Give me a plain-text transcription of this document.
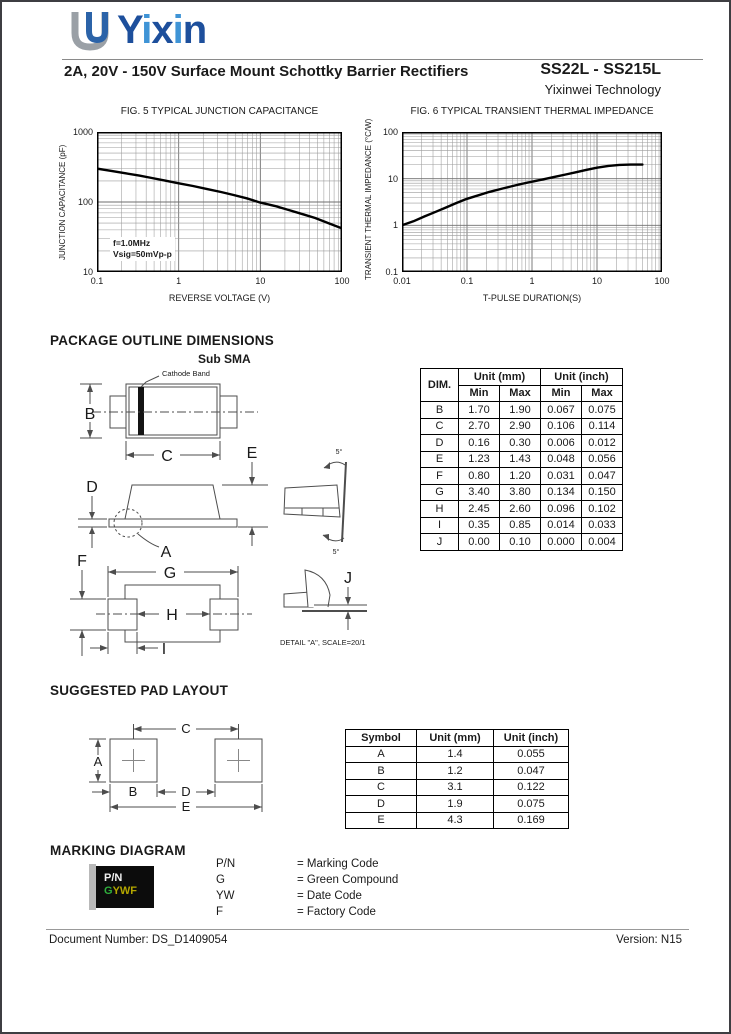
Yixin
2A, 20V - 150V Surface Mount Schottky Barrier Rectifiers	SS22L - SS215L
Yixinwei Technology
FIG. 5 TYPICAL JUNCTION CAPACITANCE
JUNCTION CAPACITANCE (pF)
REVERSE VOLTAGE (V)
f=1.0MHz
Vsig=50mVp-p
0.1	1	10	100
10
100
1000
FIG. 6 TYPICAL TRANSIENT THERMAL IMPEDANCE
TRANSIENT THERMAL IMPEDANCE (°C/W)
T-PULSE DURATION(S)
0.01	0.1	1	10	100
0.1
1
10
100
PACKAGE OUTLINE DIMENSIONS
Sub SMA
Cathode Band
B
C
D
A
E	5°
5°
F
G
H
I
J
DETAIL "A", SCALE=20/1
DIM.	Unit (mm)		Unit (inch)	
	Min	Max	Min	Max
B	1.70	1.90	0.067	0.075
C	2.70	2.90	0.106	0.114
D	0.16	0.30	0.006	0.012
E	1.23	1.43	0.048	0.056
F	0.80	1.20	0.031	0.047
G	3.40	3.80	0.134	0.150
H	2.45	2.60	0.096	0.102
I	0.35	0.85	0.014	0.033
J	0.00	0.10	0.000	0.004
SUGGESTED PAD LAYOUT
A
C
B	D
E
Symbol	Unit (mm)	Unit (inch)
A	1.4	0.055
B	1.2	0.047
C	3.1	0.122
D	1.9	0.075
E	4.3	0.169
MARKING DIAGRAM
P/N
GYWF
P/N	= Marking Code
G	= Green Compound
YW	= Date Code
F	= Factory Code
Document Number: DS_D1409054	Version: N15
